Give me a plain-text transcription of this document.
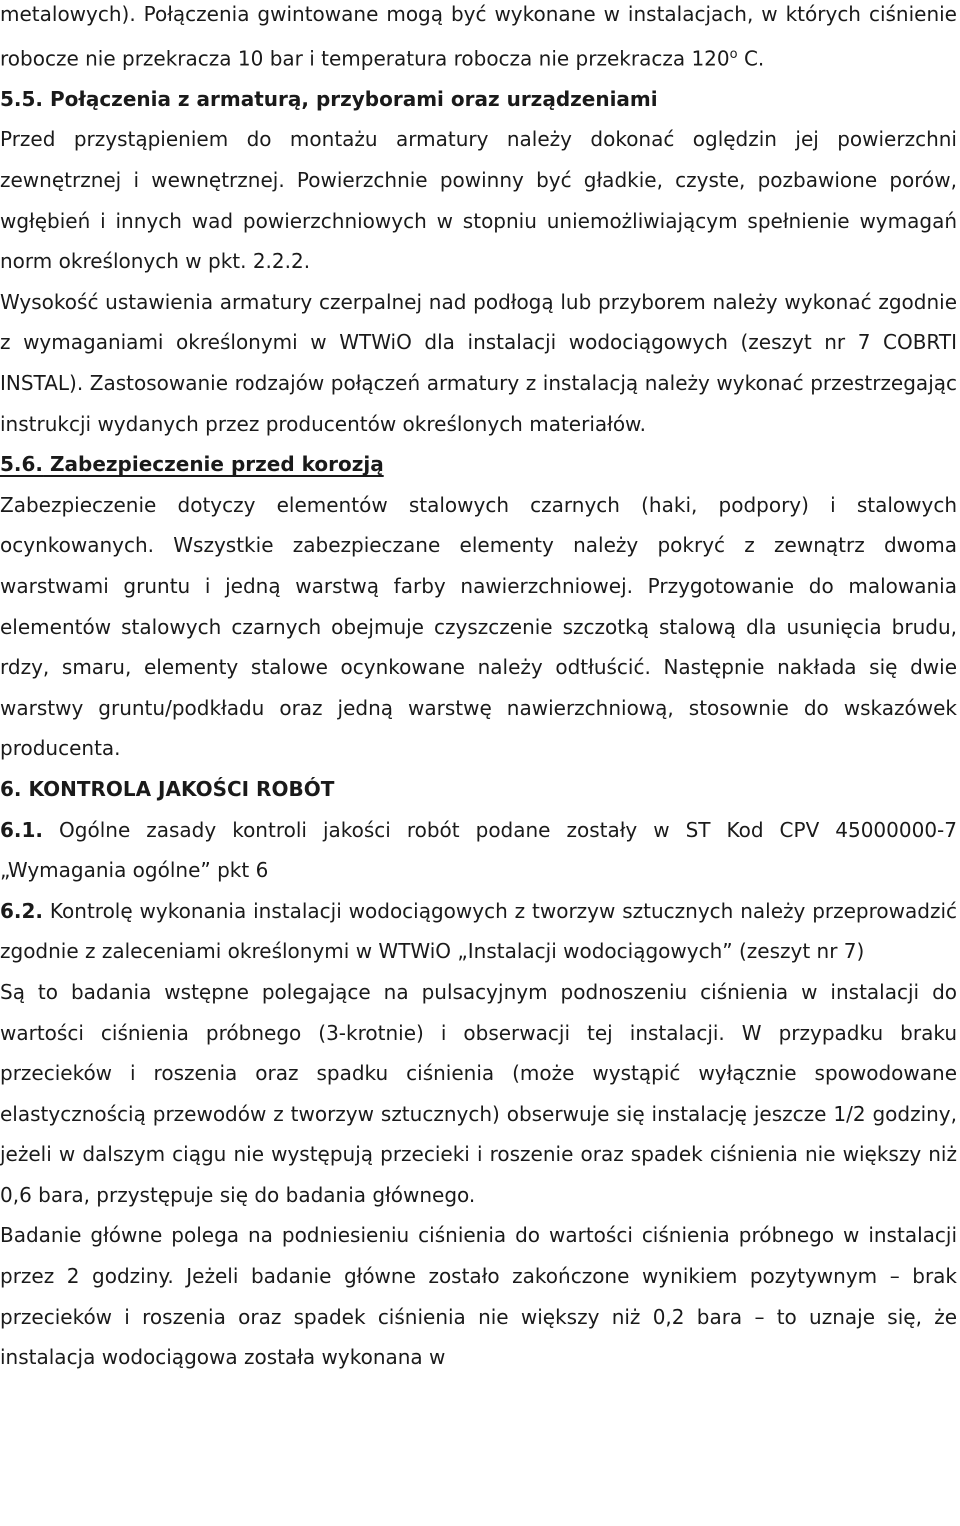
metalowych). Połączenia gwintowane mogą być wykonane w instalacjach, w których ciśnienie robocze nie przekracza 10 bar i temperatura robocza nie przekracza 120$^o$ C.

5.5. Połączenia z armaturą, przyborami oraz urządzeniami

Przed przystąpieniem do montażu armatury należy dokonać oględzin jej powierzchni zewnętrznej i wewnętrznej. Powierzchnie powinny być gładkie, czyste, pozbawione porów, wgłębień i innych wad powierzchniowych w stopniu uniemożliwiającym spełnienie wymagań norm określonych w pkt. 2.2.2.

Wysokość ustawienia armatury czerpalnej nad podłogą lub przyborem należy wykonać zgodnie z wymaganiami określonymi w WTWiO dla instalacji wodociągowych (zeszyt nr 7 COBRTI INSTAL). Zastosowanie rodzajów połączeń armatury z instalacją należy wykonać przestrzegając instrukcji wydanych przez producentów określonych materiałów.

5.6. Zabezpieczenie przed korozją

Zabezpieczenie dotyczy elementów stalowych czarnych (haki, podpory) i stalowych ocynkowanych. Wszystkie zabezpieczane elementy należy pokryć z zewnątrz dwoma warstwami gruntu i jedną warstwą farby nawierzchniowej. Przygotowanie do malowania elementów stalowych czarnych obejmuje czyszczenie szczotką stalową dla usunięcia brudu, rdzy, smaru, elementy stalowe ocynkowane należy odtłuścić. Następnie nakłada się dwie warstwy gruntu/podkładu oraz jedną warstwę nawierzchniową, stosownie do wskazówek producenta.

6. KONTROLA JAKOŚCI ROBÓT

6.1. Ogólne zasady kontroli jakości robót podane zostały w ST Kod CPV 45000000-7 „Wymagania ogólne” pkt 6

6.2. Kontrolę wykonania instalacji wodociągowych z tworzyw sztucznych należy przeprowadzić zgodnie z zaleceniami określonymi w WTWiO „Instalacji wodociągowych” (zeszyt nr 7)

Są to badania wstępne polegające na pulsacyjnym podnoszeniu ciśnienia w instalacji do wartości ciśnienia próbnego (3-krotnie) i obserwacji tej instalacji. W przypadku braku przecieków i roszenia oraz spadku ciśnienia (może wystąpić wyłącznie spowodowane elastycznością przewodów z tworzyw sztucznych) obserwuje się instalację jeszcze 1/2 godziny, jeżeli w dalszym ciągu nie występują przecieki i roszenie oraz spadek ciśnienia nie większy niż 0,6 bara, przystępuje się do badania głównego.

Badanie główne polega na podniesieniu ciśnienia do wartości ciśnienia próbnego w instalacji przez 2 godziny. Jeżeli badanie główne zostało zakończone wynikiem pozytywnym – brak przecieków i roszenia oraz spadek ciśnienia nie większy niż 0,2 bara – to uznaje się, że instalacja wodociągowa została wykonana w
